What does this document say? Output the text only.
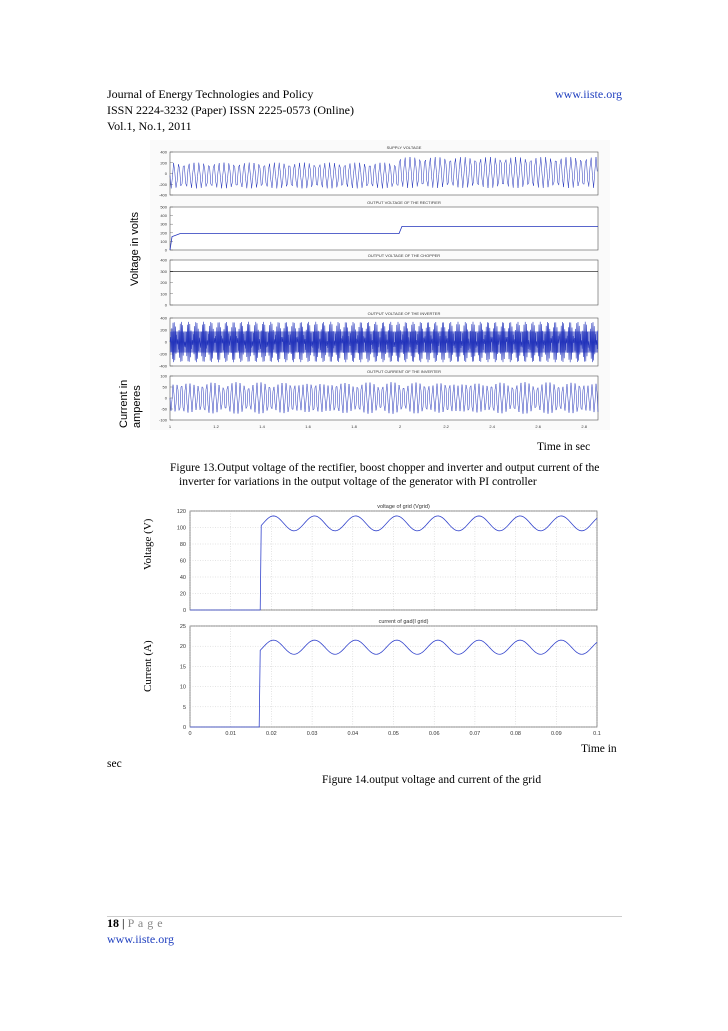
Journal of Energy Technologies and Policy	www.iiste.org
ISSN 2224-3232 (Paper) ISSN 2225-0573 (Online)
Vol.1, No.1, 2011
Voltage in volts
Current in amperes
SUPPLY VOLTAGE
400
200
0
-200
-400
OUTPUT VOLTAGE OF THE RECTIFIER
500
400
300
200
100
0
OUTPUT VOLTAGE OF THE CHOPPER
400
300
200
100
0
OUTPUT VOLTAGE OF THE INVERTER
400
200
0
-200
-400
OUTPUT CURRENT OF THE INVERTER
100
50
0
-50
-100
1	1.2	1.4	1.6	1.8	2	2.2	2.4	2.6	2.8
Time in sec
Figure 13.Output voltage of the rectifier, boost chopper and inverter and output current of the
inverter for variations in the output voltage of the generator with PI controller
Voltage (V)
Current (A)
voltage of grid (Vgrid)
0
20
40
60
80
100
120
current of gad(I grid)
0
5
10
15
20
25
0	0.01	0.02	0.03	0.04	0.05	0.06	0.07	0.08	0.09	0.1
Time in
sec
Figure 14.output voltage and current of the grid
18 | P a g e
www.iiste.org
